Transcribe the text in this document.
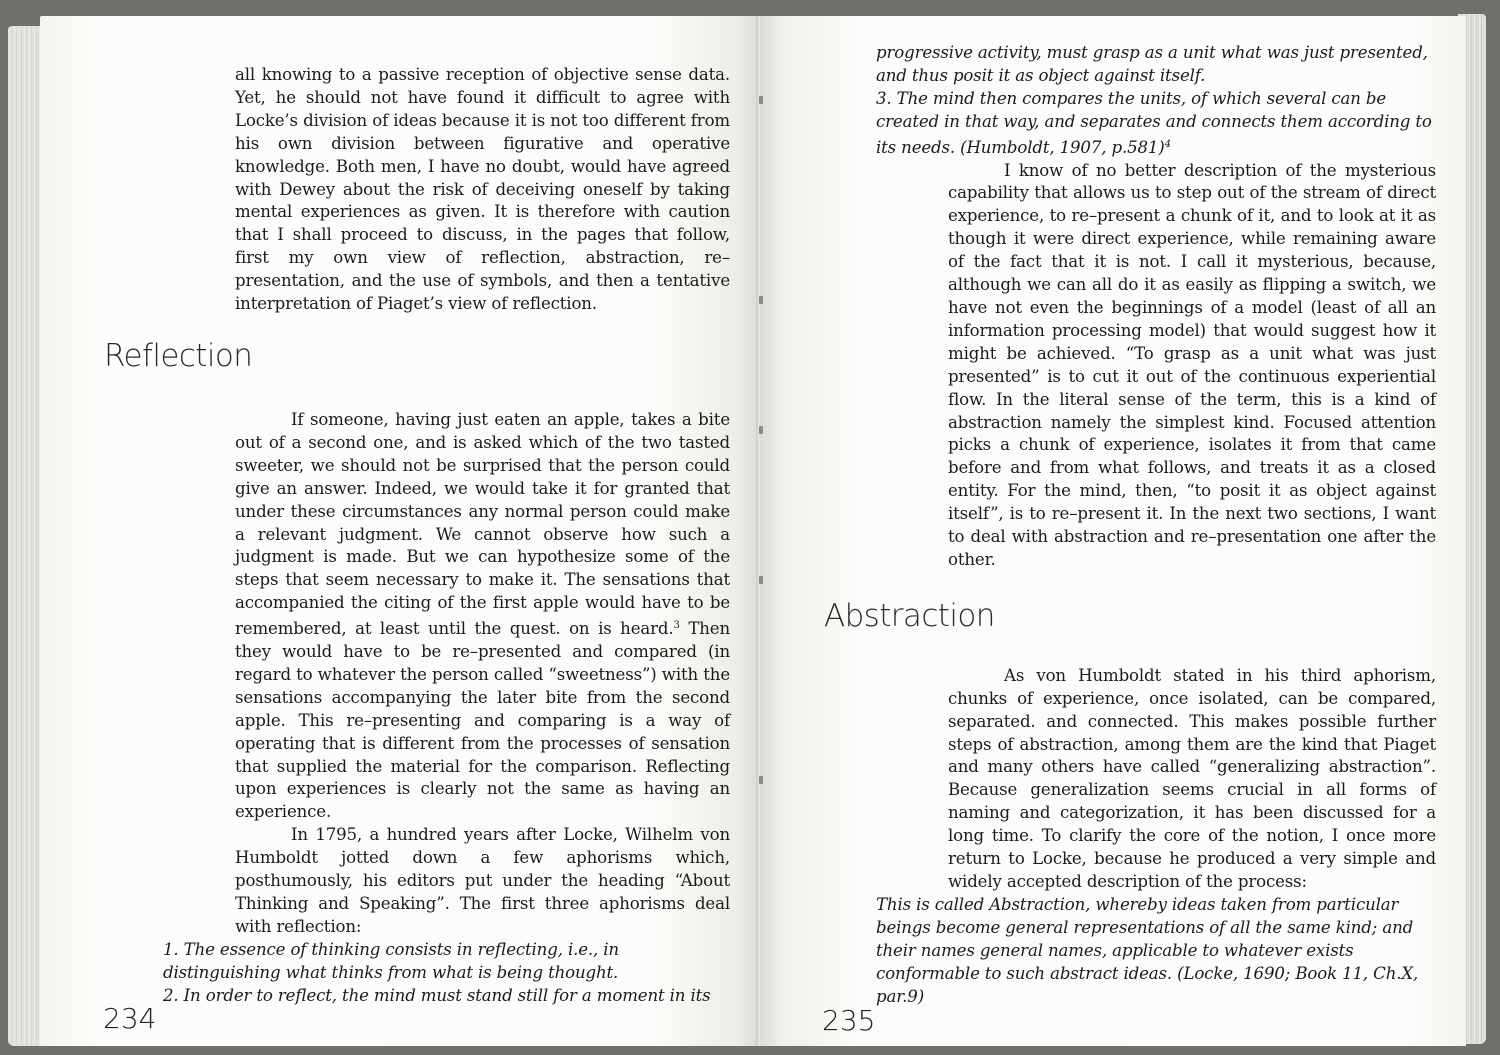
all knowing to a passive reception of objective sense data. Yet, he should not have found it difficult to agree with Locke’s division of ideas because it is not too different from his own division between figurative and operative knowledge. Both men, I have no doubt, would have agreed with Dewey about the risk of deceiving oneself by taking mental experiences as given. It is therefore with caution that I shall proceed to discuss, in the pages that follow, first my own view of reflection, abstraction, re–presentation, and the use of symbols, and then a tentative interpretation of Piaget’s view of reflection.

Reflection

If someone, having just eaten an apple, takes a bite out of a second one, and is asked which of the two tasted sweeter, we should not be surprised that the person could give an answer. Indeed, we would take it for granted that under these circumstances any normal person could make a relevant judgment. We cannot observe how such a judgment is made. But we can hypothesize some of the steps that seem necessary to make it. The sensations that accompanied the citing of the first apple would have to be remembered, at least until the quest. on is heard.$^3$ Then they would have to be re–presented and compared (in regard to whatever the person called “sweetness”) with the sensations accompanying the later bite from the second apple. This re–presenting and comparing is a way of operating that is different from the processes of sensation that supplied the material for the comparison. Reflecting upon experiences is clearly not the same as having an experience.

In 1795, a hundred years after Locke, Wilhelm von Humboldt jotted down a few aphorisms which, posthumously, his editors put under the heading “About Thinking and Speaking”. The first three aphorisms deal with reflection:

1. The essence of thinking consists in reflecting, i.e., in distinguishing what thinks from what is being thought.

2. In order to reflect, the mind must stand still for a moment in its

234

progressive activity, must grasp as a unit what was just presented, and thus posit it as object against itself.

3. The mind then compares the units, of which several can be created in that way, and separates and connects them according to its needs. (Humboldt, 1907, p.581)$^4$

I know of no better description of the mysterious capability that allows us to step out of the stream of direct experience, to re–present a chunk of it, and to look at it as though it were direct experience, while remaining aware of the fact that it is not. I call it mysterious, because, although we can all do it as easily as flipping a switch, we have not even the beginnings of a model (least of all an information processing model) that would suggest how it might be achieved. “To grasp as a unit what was just presented” is to cut it out of the continuous experiential flow. In the literal sense of the term, this is a kind of abstraction namely the simplest kind. Focused attention picks a chunk of experience, isolates it from that came before and from what follows, and treats it as a closed entity. For the mind, then, “to posit it as object against itself”, is to re–present it. In the next two sections, I want to deal with abstraction and re–presentation one after the other.

Abstraction

As von Humboldt stated in his third aphorism, chunks of experience, once isolated, can be compared, separated. and connected. This makes possible further steps of abstraction, among them are the kind that Piaget and many others have called “generalizing abstraction”. Because generalization seems crucial in all forms of naming and categorization, it has been discussed for a long time. To clarify the core of the notion, I once more return to Locke, because he produced a very simple and widely accepted description of the process:

This is called Abstraction, whereby ideas taken from particular beings become general representations of all the same kind; and their names general names, applicable to whatever exists conformable to such abstract ideas. (Locke, 1690; Book 11, Ch.X, par.9)

235
